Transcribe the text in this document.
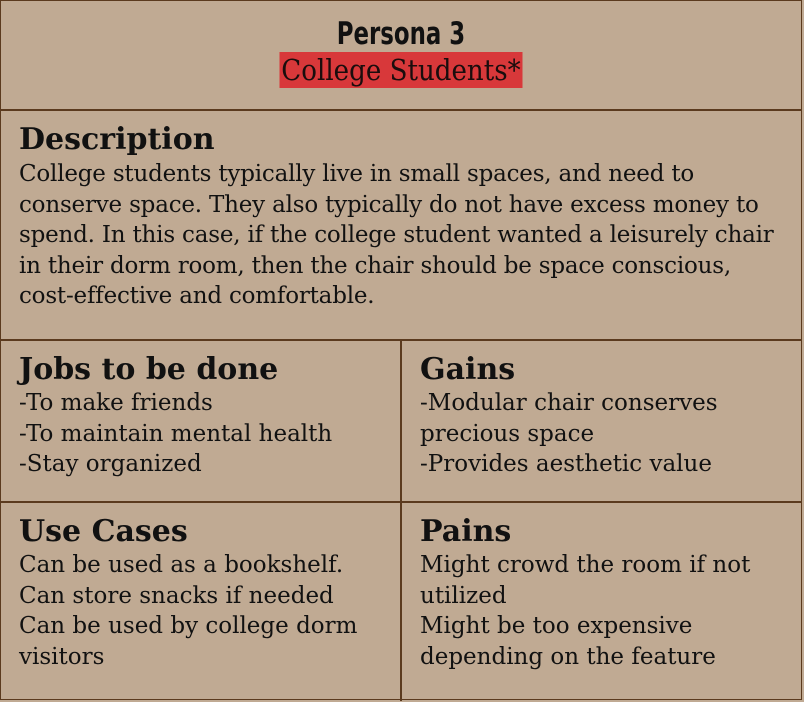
Persona 3
College Students*
Description

College students typically live in small spaces, and need to conserve space. They also typically do not have excess money to spend. In this case, if the college student wanted a leisurely chair in their dorm room, then the chair should be space conscious, cost-effective and comfortable.

Jobs to be done
-To make friends
-To maintain mental health
-Stay organized
Gains
-Modular chair conserves precious space
-Provides aesthetic value
Use Cases
Can be used as a bookshelf.
Can store snacks if needed
Can be used by college dorm visitors
Pains
Might crowd the room if not utilized
Might be too expensive depending on the feature
